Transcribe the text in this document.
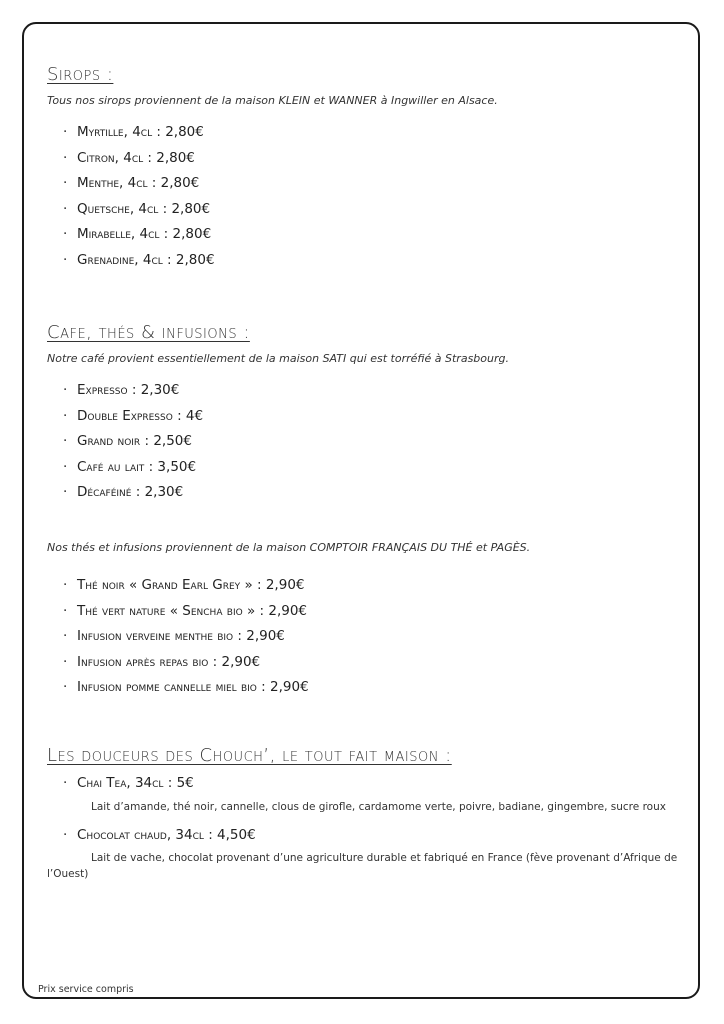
Sirops :

Tous nos sirops proviennent de la maison KLEIN et WANNER à Ingwiller en Alsace.

· Myrtille, 4cl : 2,80€
· Citron, 4cl : 2,80€
· Menthe, 4cl : 2,80€
· Quetsche, 4cl : 2,80€
· Mirabelle, 4cl : 2,80€
· Grenadine, 4cl : 2,80€
Cafe, thés & infusions :

Notre café provient essentiellement de la maison SATI qui est torréfié à Strasbourg.

· Expresso : 2,30€
· Double Expresso : 4€
· Grand noir : 2,50€
· Café au lait : 3,50€
· Décaféiné : 2,30€

Nos thés et infusions proviennent de la maison COMPTOIR FRANÇAIS DU THÉ et PAGÈS.

· Thé noir « Grand Earl Grey » : 2,90€
· Thé vert nature « Sencha bio » : 2,90€
· Infusion verveine menthe bio : 2,90€
· Infusion après repas bio : 2,90€
· Infusion pomme cannelle miel bio : 2,90€
Les douceurs des Chouch’, le tout fait maison :
· Chai Tea, 34cl : 5€

Lait d’amande, thé noir, cannelle, clous de girofle, cardamome verte, poivre, badiane, gingembre, sucre roux

· Chocolat chaud, 34cl : 4,50€

Lait de vache, chocolat provenant d’une agriculture durable et fabriqué en France (fève provenant d’Afrique de l’Ouest)

Prix service compris
